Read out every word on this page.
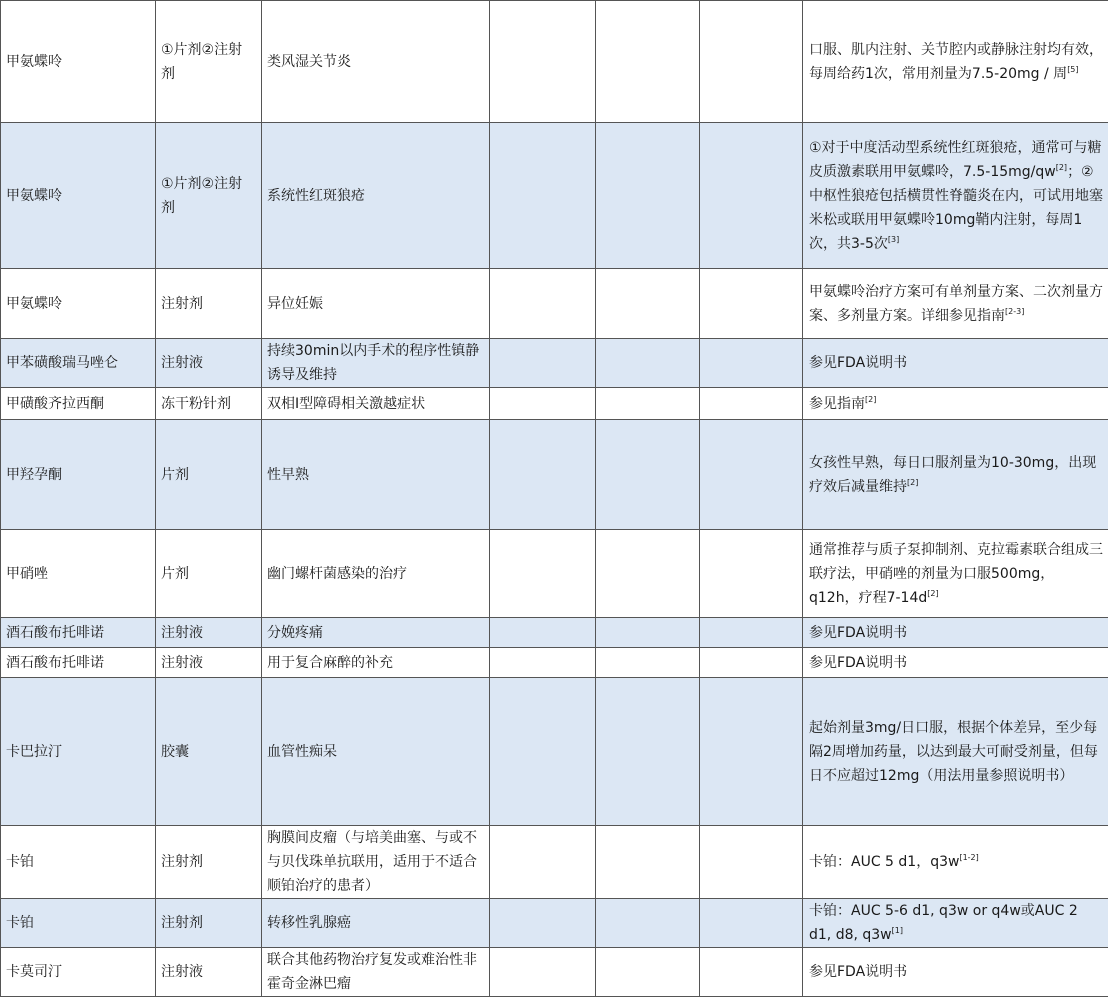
甲氨蝶呤	①片剂②注射剂	类风湿关节炎				口服、肌内注射、关节腔内或静脉注射均有效，每周给药1次，常用剂量为7.5-20mg / 周[5]
甲氨蝶呤	①片剂②注射剂	系统性红斑狼疮				①对于中度活动型系统性红斑狼疮，通常可与糖皮质激素联用甲氨蝶呤，7.5-15mg/qw[2]；②中枢性狼疮包括横贯性脊髓炎在内，可试用地塞米松或联用甲氨蝶呤10mg鞘内注射，每周1次，共3-5次[3]
甲氨蝶呤	注射剂	异位妊娠				甲氨蝶呤治疗方案可有单剂量方案、二次剂量方案、多剂量方案。详细参见指南[2-3]
甲苯磺酸瑞马唑仑	注射液	持续30min以内手术的程序性镇静诱导及维持				参见FDA说明书
甲磺酸齐拉西酮	冻干粉针剂	双相I型障碍相关激越症状				参见指南[2]
甲羟孕酮	片剂	性早熟				女孩性早熟，每日口服剂量为10-30mg，出现疗效后减量维持[2]
甲硝唑	片剂	幽门螺杆菌感染的治疗				通常推荐与质子泵抑制剂、克拉霉素联合组成三联疗法，甲硝唑的剂量为口服500mg，q12h，疗程7-14d[2]
酒石酸布托啡诺	注射液	分娩疼痛				参见FDA说明书
酒石酸布托啡诺	注射液	用于复合麻醉的补充				参见FDA说明书
卡巴拉汀	胶囊	血管性痴呆				起始剂量3mg/日口服，根据个体差异，至少每隔2周增加药量，以达到最大可耐受剂量，但每日不应超过12mg（用法用量参照说明书）
卡铂	注射剂	胸膜间皮瘤（与培美曲塞、与或不与贝伐珠单抗联用，适用于不适合顺铂治疗的患者）				卡铂：AUC 5 d1，q3w[1-2]
卡铂	注射剂	转移性乳腺癌				卡铂：AUC 5-6 d1, q3w or q4w或AUC 2 d1, d8, q3w[1]
卡莫司汀	注射液	联合其他药物治疗复发或难治性非霍奇金淋巴瘤				参见FDA说明书
